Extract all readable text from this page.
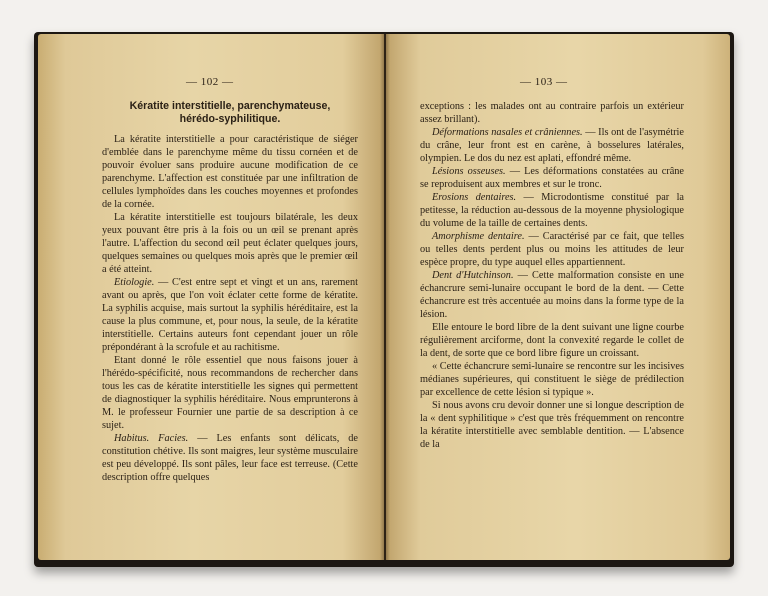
— 102 —
Kératite interstitielle, parenchymateuse,
hérédo-syphilitique.

La kératite interstitielle a pour caractéristique de siéger d'emblée dans le parenchyme même du tissu cornéen et de pouvoir évoluer sans produire aucune modification de ce parenchyme. L'affection est constituée par une infiltration de cellules lymphoïdes dans les couches moyennes et profondes de la cornée.

La kératite interstitielle est toujours bilatérale, les deux yeux pouvant être pris à la fois ou un œil se prenant après l'autre. L'affection du second œil peut éclater quelques jours, quelques semaines ou quelques mois après que le premier œil a été atteint.

Etiologie. — C'est entre sept et vingt et un ans, rarement avant ou après, que l'on voit éclater cette forme de kératite. La syphilis acquise, mais surtout la syphilis héréditaire, est la cause la plus commune, et, pour nous, la seule, de la kératite interstitielle. Certains auteurs font cependant jouer un rôle prépondérant à la scrofule et au rachitisme.

Etant donné le rôle essentiel que nous faisons jouer à l'hérédo-spécificité, nous recommandons de rechercher dans tous les cas de kératite interstitielle les signes qui permettent de diagnostiquer la syphilis héréditaire. Nous emprunterons à M. le professeur Fournier une partie de sa description à ce sujet.

Habitus. Facies. — Les enfants sont délicats, de constitution chétive. Ils sont maigres, leur système musculaire est peu développé. Ils sont pâles, leur face est terreuse. (Cette description offre quelques

— 103 —

exceptions : les malades ont au contraire parfois un extérieur assez brillant).

Déformations nasales et crâniennes. — Ils ont de l'asymétrie du crâne, leur front est en carène, à bosselures latérales, olympien. Le dos du nez est aplati, effondré même.

Lésions osseuses. — Les déformations constatées au crâne se reproduisent aux membres et sur le tronc.

Erosions dentaires. — Microdontisme constitué par la petitesse, la réduction au-dessous de la moyenne physiologique du volume de la taille de certaines dents.

Amorphisme dentaire. — Caractérisé par ce fait, que telles ou telles dents perdent plus ou moins les attitudes de leur espèce propre, du type auquel elles appartiennent.

Dent d'Hutchinson. — Cette malformation consiste en une échancrure semi-lunaire occupant le bord de la dent. — Cette échancrure est très accentuée au moins dans la forme type de la lésion.

Elle entoure le bord libre de la dent suivant une ligne courbe régulièrement arciforme, dont la convexité regarde le collet de la dent, de sorte que ce bord libre figure un croissant.

« Cette échancrure semi-lunaire se rencontre sur les incisives médianes supérieures, qui constituent le siège de prédilection par excellence de cette lésion si typique ».

Si nous avons cru devoir donner une si longue description de la « dent syphilitique » c'est que très fréquemment on rencontre la kératite interstitielle avec semblable dentition. — L'absence de la
